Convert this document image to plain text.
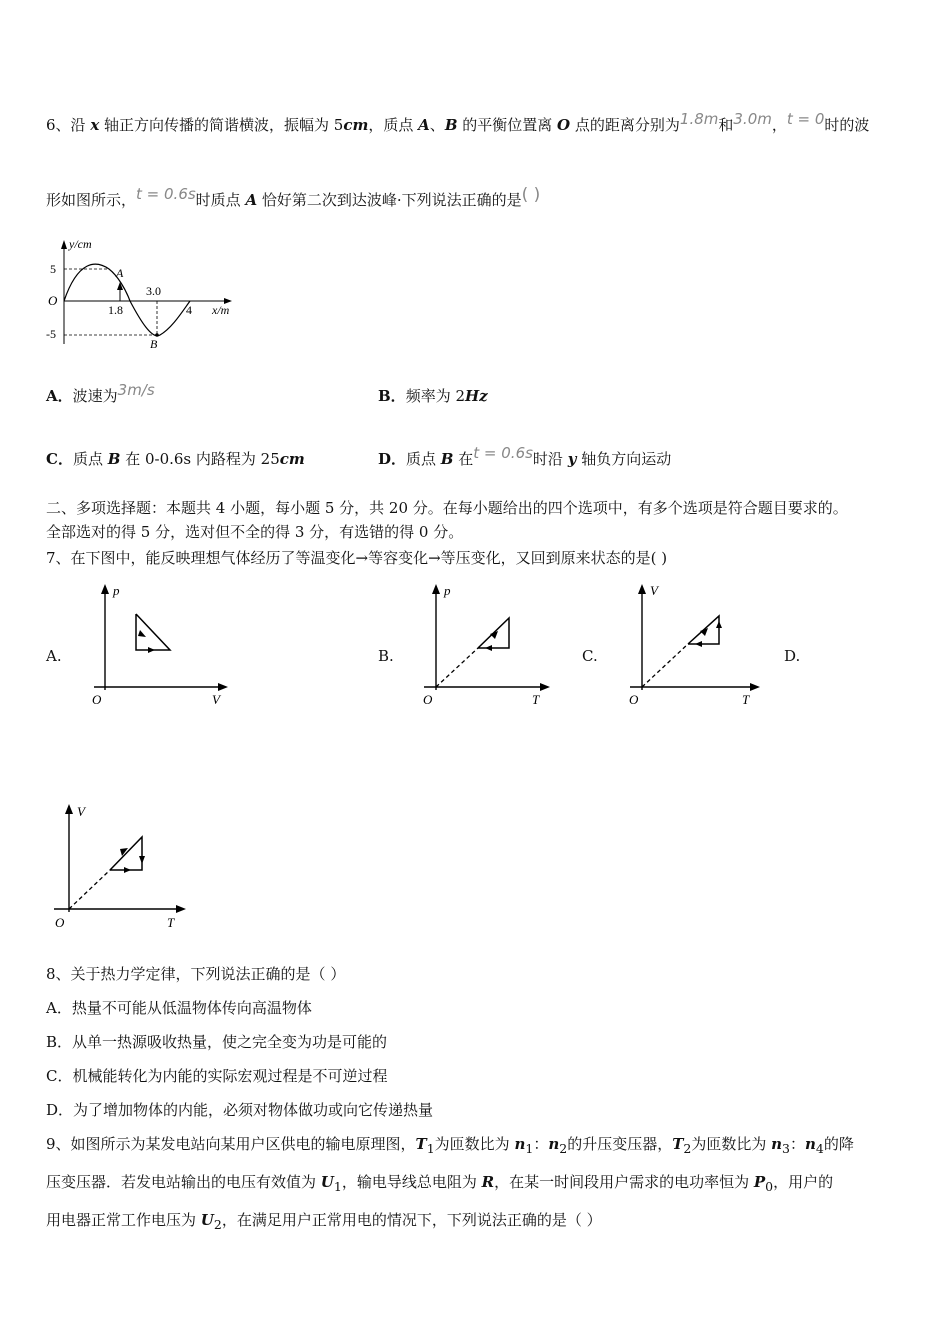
6、沿 x 轴正方向传播的简谐横波，振幅为 5cm，质点 A、B 的平衡位置离 O 点的距离分别为1.8m和3.0m，t = 0时的波
形如图所示，t = 0.6s时质点 A 恰好第二次到达波峰·下列说法正确的是( )
y/cm
x/m
O
5
-5
1.8
3.0
4
A
B
A．波速为3m/s	B．频率为 2Hz
C．质点 B 在 0-0.6s 内路程为 25cm	D．质点 B 在t = 0.6s时沿 y 轴负方向运动
二、多项选择题：本题共 4 小题，每小题 5 分，共 20 分。在每小题给出的四个选项中，有多个选项是符合题目要求的。
全部选对的得 5 分，选对但不全的得 3 分，有选错的得 0 分。
7、在下图中，能反映理想气体经历了等温变化→等容变化→等压变化，又回到原来状态的是( )
A.
p
V
O
B.
p
T
O
C.
V
T
O
D.
V
T
O
8、关于热力学定律，下列说法正确的是（ ）
A．热量不可能从低温物体传向高温物体
B．从单一热源吸收热量，使之完全变为功是可能的
C．机械能转化为内能的实际宏观过程是不可逆过程
D．为了增加物体的内能，必须对物体做功或向它传递热量
9、如图所示为某发电站向某用户区供电的输电原理图，$T_1$为匝数比为 $n_1$：$n_2$的升压变压器，$T_2$为匝数比为 $n_3$：$n_4$的降
压变压器．若发电站输出的电压有效值为 $U_1$，输电导线总电阻为 R，在某一时间段用户需求的电功率恒为 $P_0$，用户的
用电器正常工作电压为 $U_2$，在满足用户正常用电的情况下，下列说法正确的是（ ）
